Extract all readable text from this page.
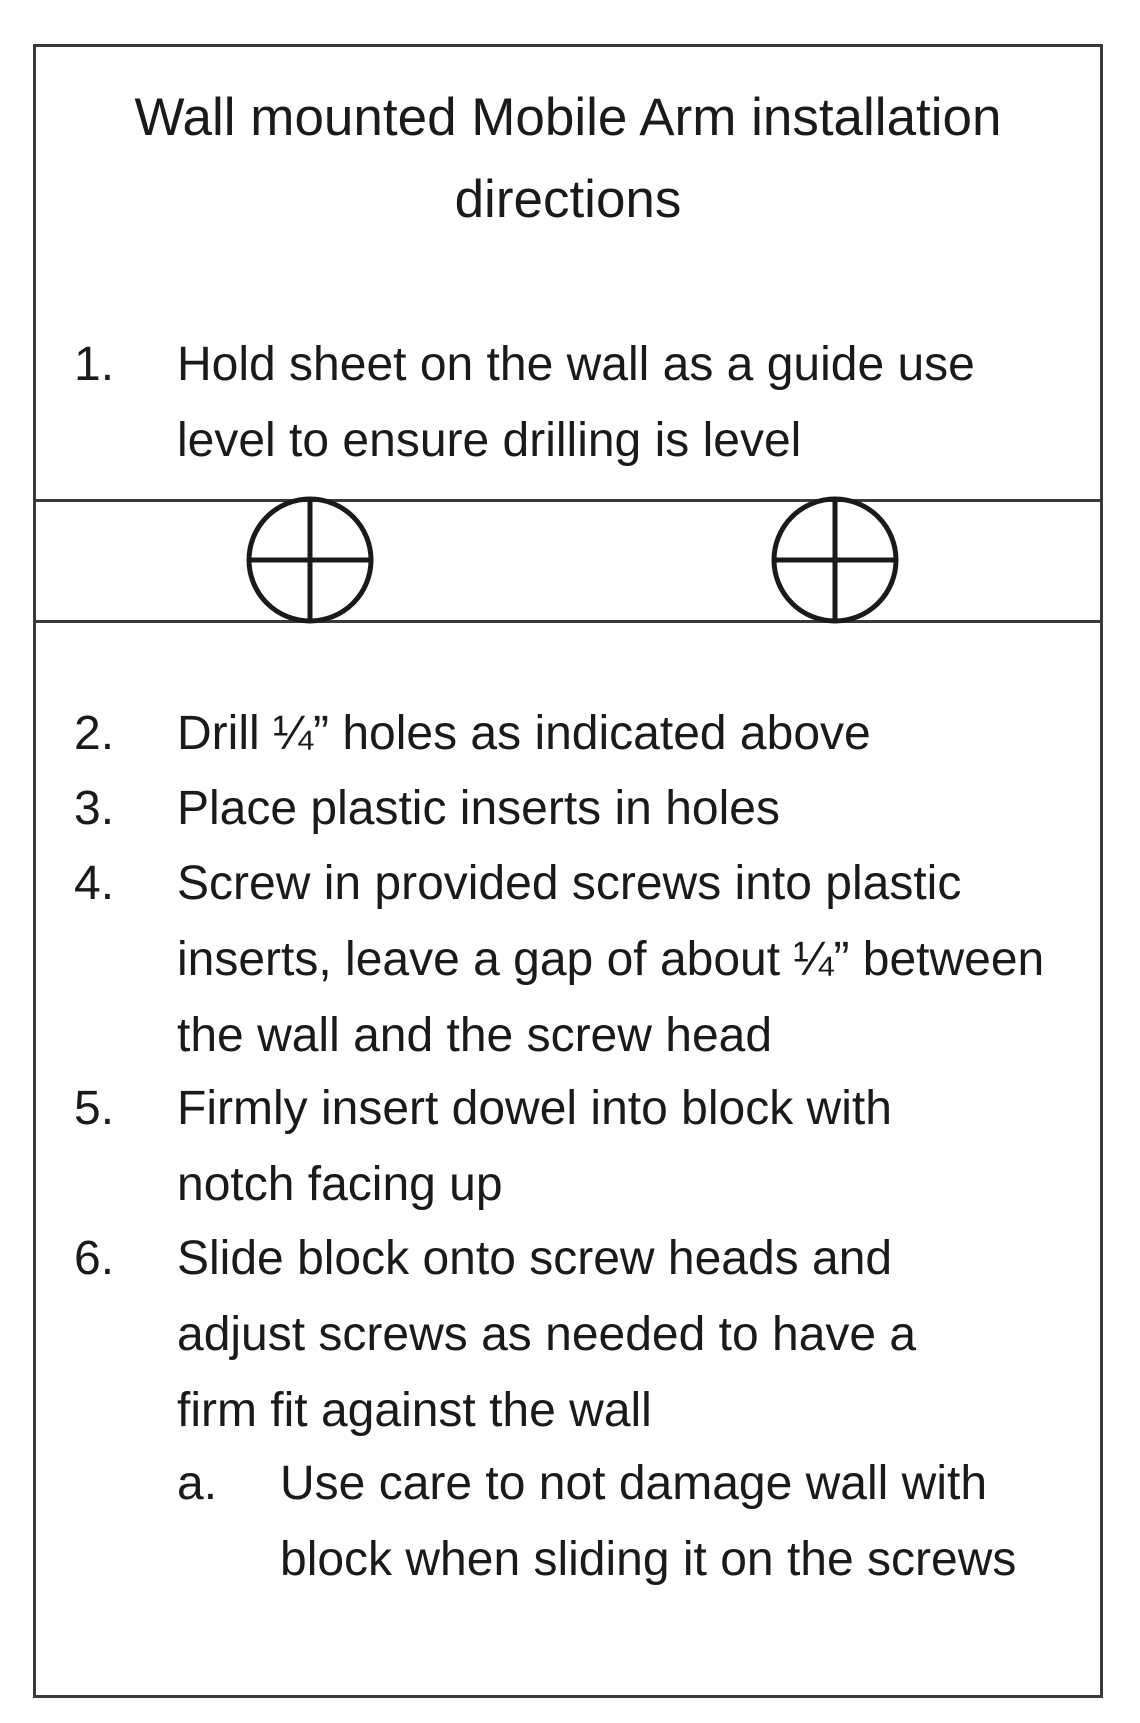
Wall mounted Mobile Arm installation directions
1.	Hold sheet on the wall as a guide use level to ensure drilling is level
2.	Drill ¼” holes as indicated above
3.	Place plastic inserts in holes
4.	Screw in provided screws into plastic inserts, leave a gap of about ¼” between the wall and the screw head
5.	Firmly insert dowel into block with notch facing up
6.	Slide block onto screw heads and adjust screws as needed to have a firm fit against the wall
a.	Use care to not damage wall with block when sliding it on the screws
